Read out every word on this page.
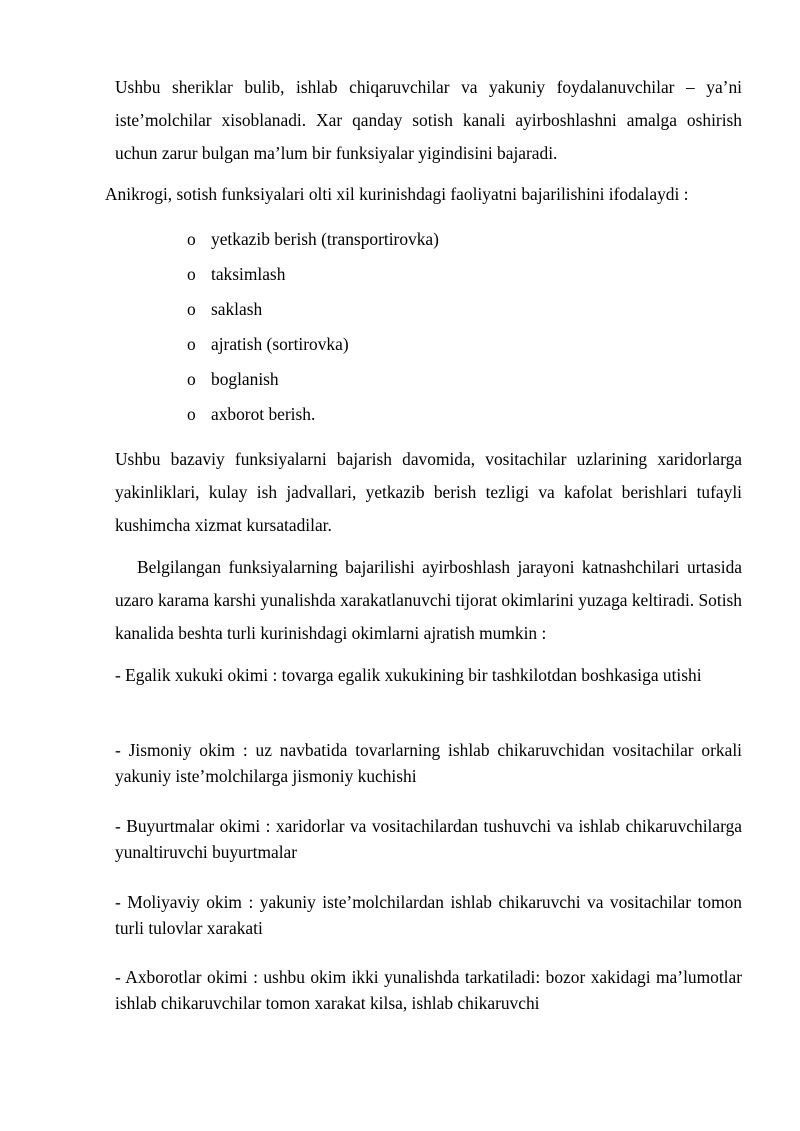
Ushbu sheriklar bulib, ishlab chiqaruvchilar va yakuniy foydalanuvchilar – ya’ni iste’molchilar xisoblanadi. Xar qanday sotish kanali ayirboshlashni amalga oshirish uchun zarur bulgan ma’lum bir funksiyalar yigindisini bajaradi.

Anikrogi, sotish funksiyalari olti xil kurinishdagi faoliyatni bajarilishini ifodalaydi :

o yetkazib berish (transportirovka)
o taksimlash
o saklash
o ajratish (sortirovka)
o boglanish
o axborot berish.

Ushbu bazaviy funksiyalarni bajarish davomida, vositachilar uzlarining xaridorlarga yakinliklari, kulay ish jadvallari, yetkazib berish tezligi va kafolat berishlari tufayli kushimcha xizmat kursatadilar.

Belgilangan funksiyalarning bajarilishi ayirboshlash jarayoni katnashchilari urtasida uzaro karama karshi yunalishda xarakatlanuvchi tijorat okimlarini yuzaga keltiradi. Sotish kanalida beshta turli kurinishdagi okimlarni ajratish mumkin :

- Egalik xukuki okimi : tovarga egalik xukukining bir tashkilotdan boshkasiga utishi

- Jismoniy okim : uz navbatida tovarlarning ishlab chikaruvchidan vositachilar orkali yakuniy iste’molchilarga jismoniy kuchishi

- Buyurtmalar okimi : xaridorlar va vositachilardan tushuvchi va ishlab chikaruvchilarga yunaltiruvchi buyurtmalar

- Moliyaviy okim : yakuniy iste’molchilardan ishlab chikaruvchi va vositachilar tomon turli tulovlar xarakati

- Axborotlar okimi : ushbu okim ikki yunalishda tarkatiladi: bozor xakidagi ma’lumotlar ishlab chikaruvchilar tomon xarakat kilsa, ishlab chikaruvchi
